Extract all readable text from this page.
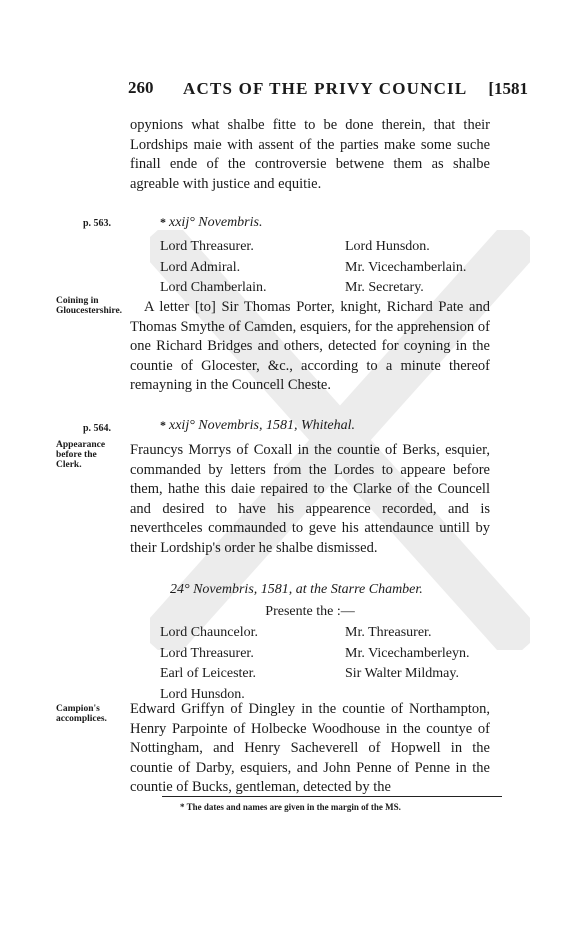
260 ACTS OF THE PRIVY COUNCIL [1581

opynions what shalbe fitte to be done therein, that their Lordships maie with assent of the parties make some suche finall ende of the controversie betwene them as shalbe agreable with justice and equitie.

p. 563.	* xxij° Novembris.
Lord Threasurer.	Lord Hunsdon.
Lord Admiral.	Mr. Vicechamberlain.
Lord Chamberlain.	Mr. Secretary.
Coining in Gloucestershire.	A letter [to] Sir Thomas Porter, knight, Richard Pate and Thomas Smythe of Camden, esquiers, for the apprehension of one Richard Bridges and others, detected for coyning in the countie of Glocester, &c., according to a minute thereof remayning in the Councell Cheste.

p. 564.	* xxij° Novembris, 1581, Whitehal.
Appearance before the Clerk.

Frauncys Morrys of Coxall in the countie of Berks, esquier, commanded by letters from the Lordes to appeare before them, hathe this daie repaired to the Clarke of the Councell and desired to have his appearence recorded, and is neverthceles commaunded to geve his attendaunce untill by their Lordship's order he shalbe dismissed.

24° Novembris, 1581, at the Starre Chamber.
Presente the :—
Lord Chauncelor.	Mr. Threasurer.
Lord Threasurer.	Mr. Vicechamberleyn.
Earl of Leicester.	Sir Walter Mildmay.
Lord Hunsdon.
Campion's accomplices.

Edward Griffyn of Dingley in the countie of Northampton, Henry Parpointe of Holbecke Woodhouse in the countye of Nottingham, and Henry Sacheverell of Hopwell in the countie of Darby, esquiers, and John Penne of Penne in the countie of Bucks, gentleman, detected by the

* The dates and names are given in the margin of the MS.
